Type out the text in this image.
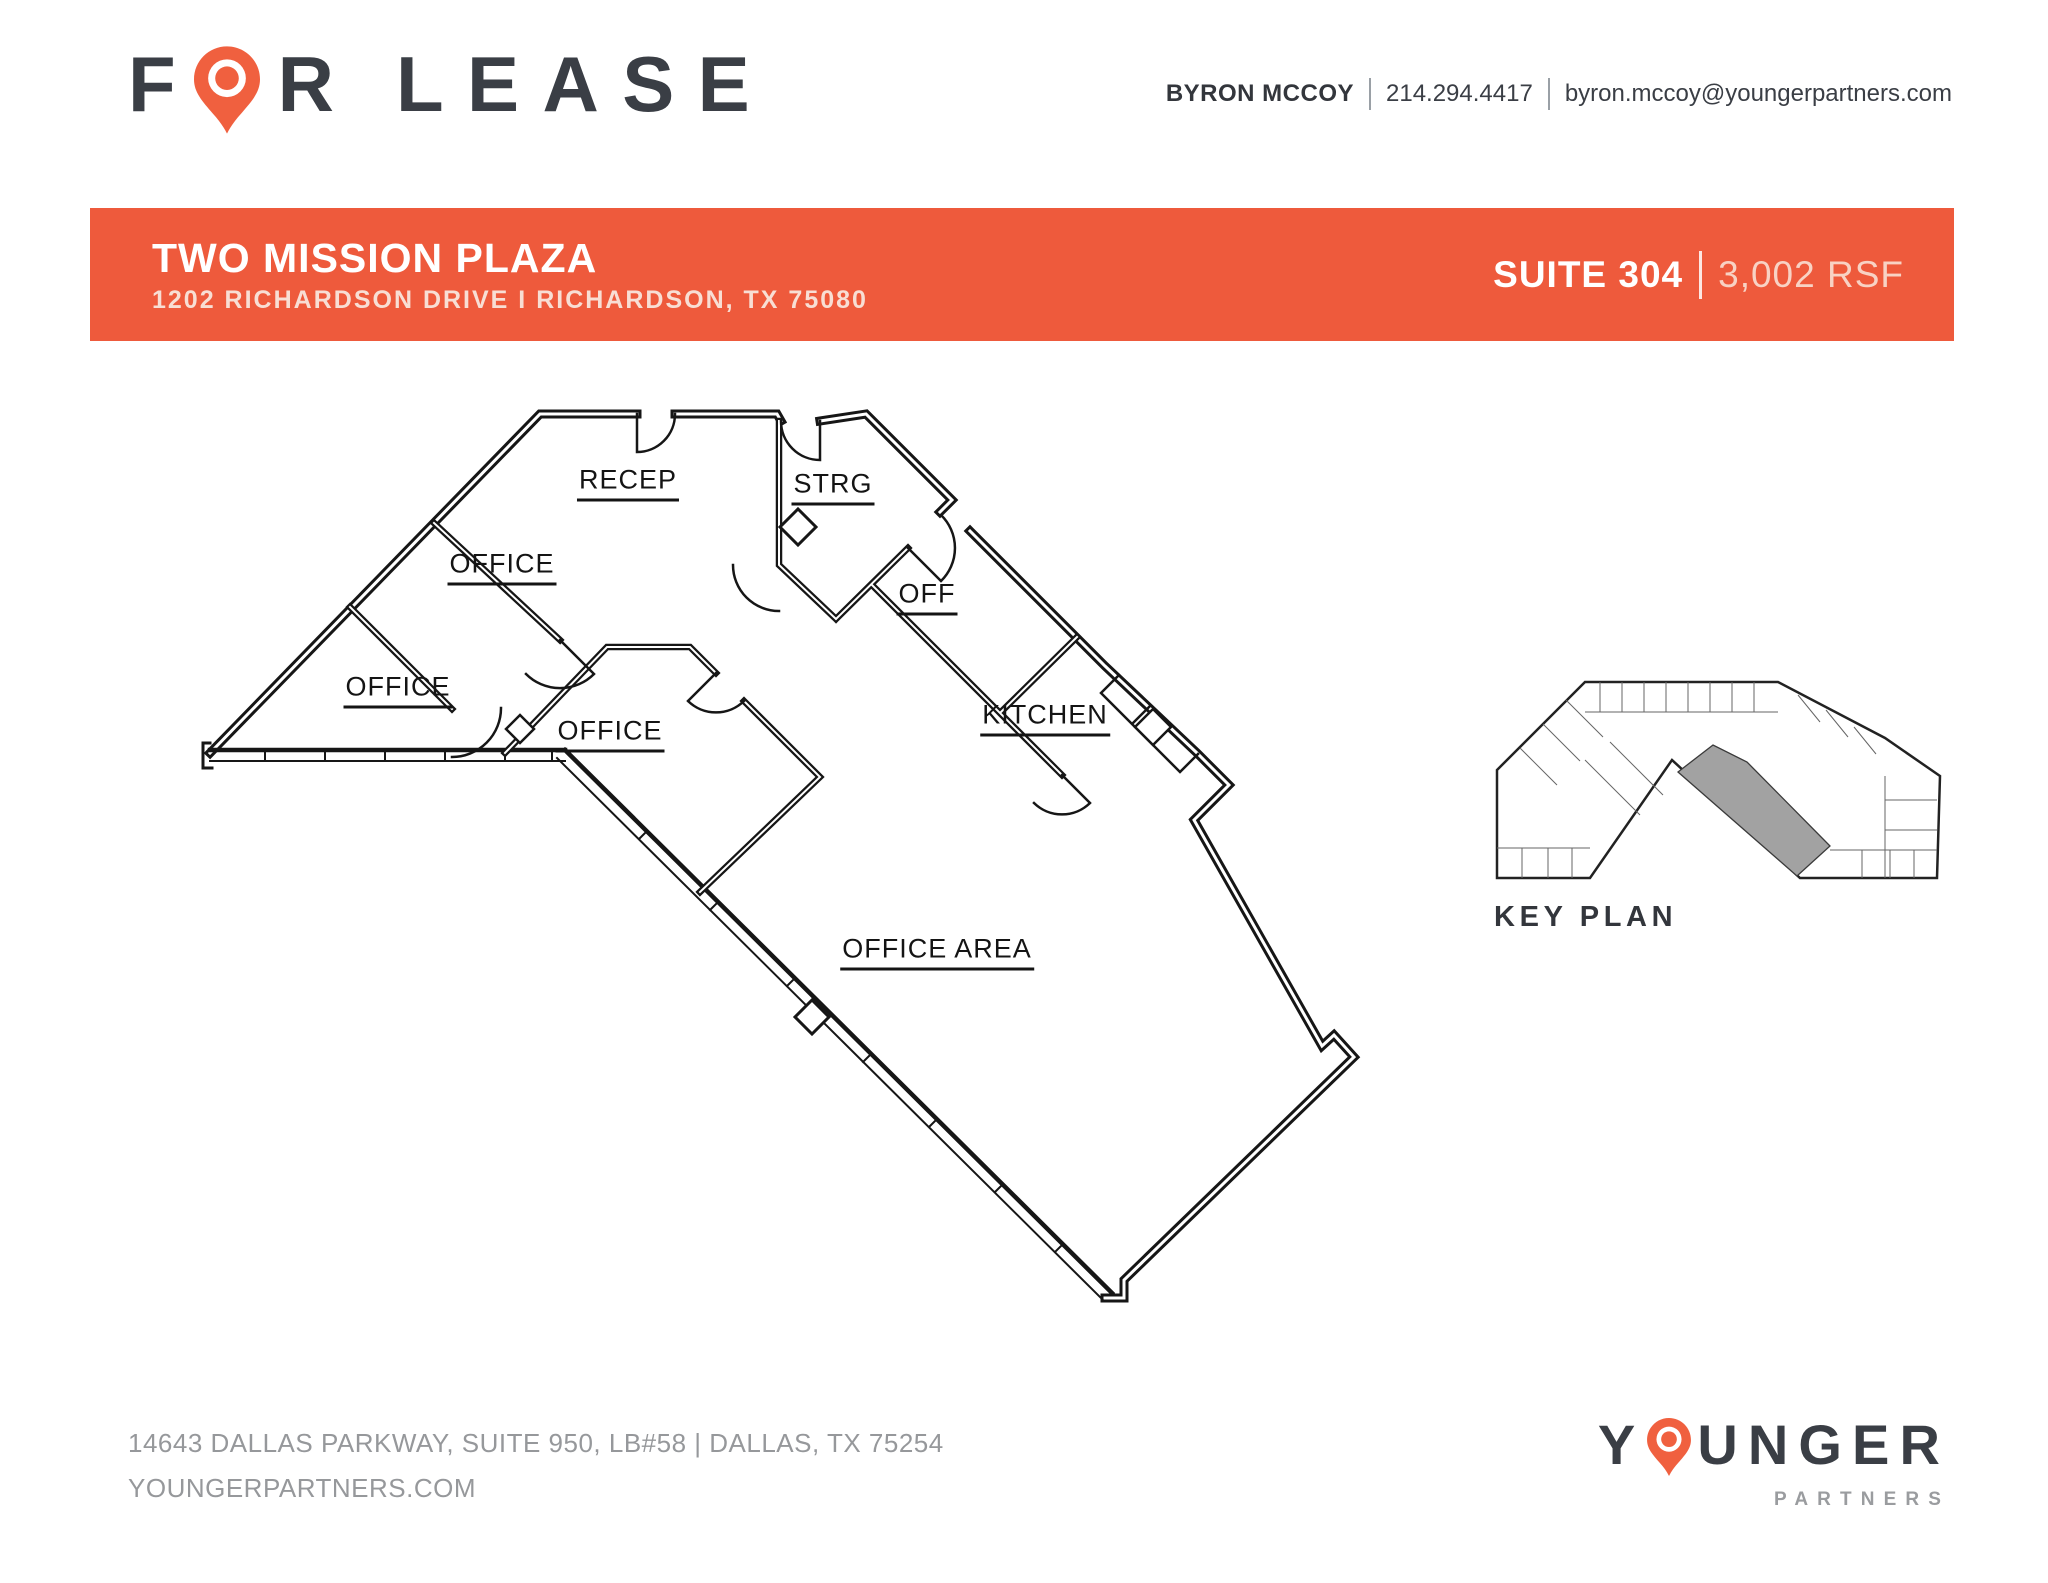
F R LEASE	BYRON MCCOY 214.294.4417 byron.mccoy@youngerpartners.com
TWO MISSION PLAZA
1202 RICHARDSON DRIVE I RICHARDSON, TX 75080
SUITE 304 3,002 RSF
RECEP	STRG
OFFICE
OFFICE
OFFICE
OFF
KITCHEN
OFFICE AREA
KEY PLAN
14643 DALLAS PARKWAY, SUITE 950, LB#58 | DALLAS, TX 75254
YOUNGERPARTNERS.COM
Y UNGER
PARTNERS
